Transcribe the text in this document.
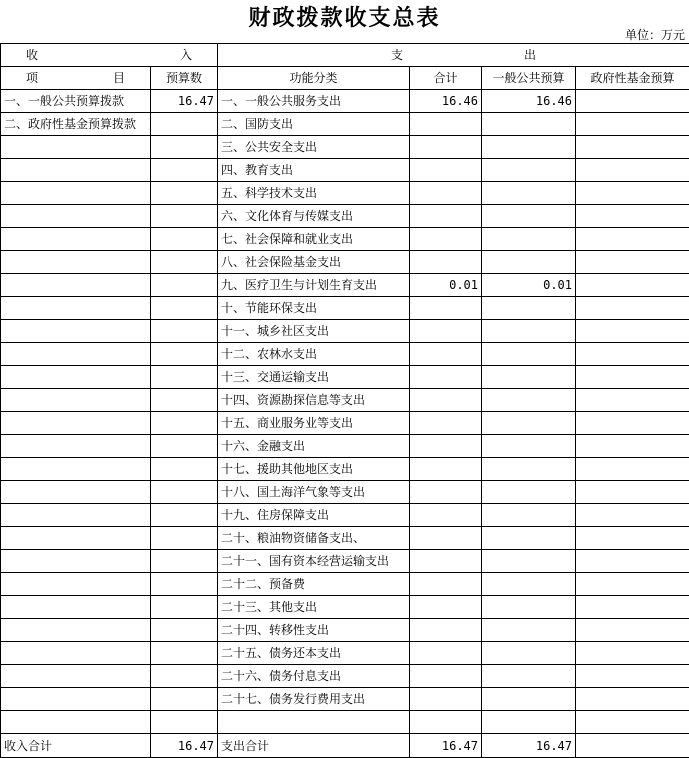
财政拨款收支总表
单位：万元
收 入		支 出			

项 目	预算数	功能分类	合计	一般公共预算	政府性基金预算
一、一般公共预算拨款	16.47	一、一般公共服务支出	16.46	16.46	
二、政府性基金预算拨款		二、国防支出			
		三、公共安全支出			
		四、教育支出			
		五、科学技术支出			
		六、文化体育与传媒支出			
		七、社会保障和就业支出			
		八、社会保险基金支出			
		九、医疗卫生与计划生育支出	0.01	0.01	
		十、节能环保支出			
		十一、城乡社区支出			
		十二、农林水支出			
		十三、交通运输支出			
		十四、资源勘探信息等支出			
		十五、商业服务业等支出			
		十六、金融支出			
		十七、援助其他地区支出			
		十八、国土海洋气象等支出			
		十九、住房保障支出			
		二十、粮油物资储备支出、			
		二十一、国有资本经营运输支出			
		二十二、预备费			
		二十三、其他支出			
		二十四、转移性支出			
		二十五、债务还本支出			
		二十六、债务付息支出			
		二十七、债务发行费用支出			

收入合计	16.47	支出合计	16.47	16.47	
